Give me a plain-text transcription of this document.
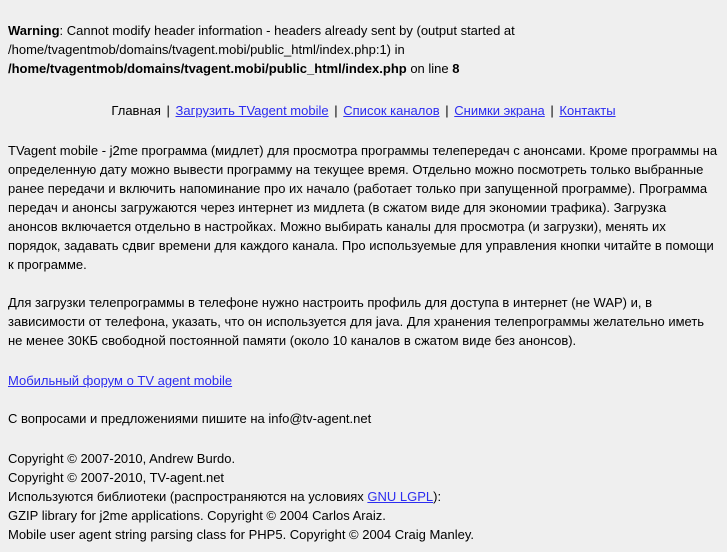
Warning: Cannot modify header information - headers already sent by (output started at
/home/tvagentmob/domains/tvagent.mobi/public_html/index.php:1) in
/home/tvagentmob/domains/tvagent.mobi/public_html/index.php on line 8
Главная | Загрузить TVagent mobile | Список каналов | Снимки экрана | Контакты

TVagent mobile - j2me программа (мидлет) для просмотра программы телепередач с анонсами. Кроме программы на определенную дату можно вывести программу на текущее время. Отдельно можно посмотреть только выбранные ранее передачи и включить напоминание про их начало (работает только при запущенной программе). Программа передач и анонсы загружаются через интернет из мидлета (в сжатом виде для экономии трафика). Загрузка анонсов включается отдельно в настройках. Можно выбирать каналы для просмотра (и загрузки), менять их порядок, задавать сдвиг времени для каждого канала. Про используемые для управления кнопки читайте в помощи к программе.

Для загрузки телепрограммы в телефоне нужно настроить профиль для доступа в интернет (не WAP) и, в зависимости от телефона, указать, что он используется для java. Для хранения телепрограммы желательно иметь не менее 30КБ свободной постоянной памяти (около 10 каналов в сжатом виде без анонсов).

Мобильный форум о TV agent mobile
С вопросами и предложениями пишите на info@tv-agent.net
Copyright © 2007-2010, Andrew Burdo.
Copyright © 2007-2010, TV-agent.net
Используются библиотеки (распространяются на условиях GNU LGPL):
GZIP library for j2me applications. Copyright © 2004 Carlos Araiz.
Mobile user agent string parsing class for PHP5. Copyright © 2004 Craig Manley.
